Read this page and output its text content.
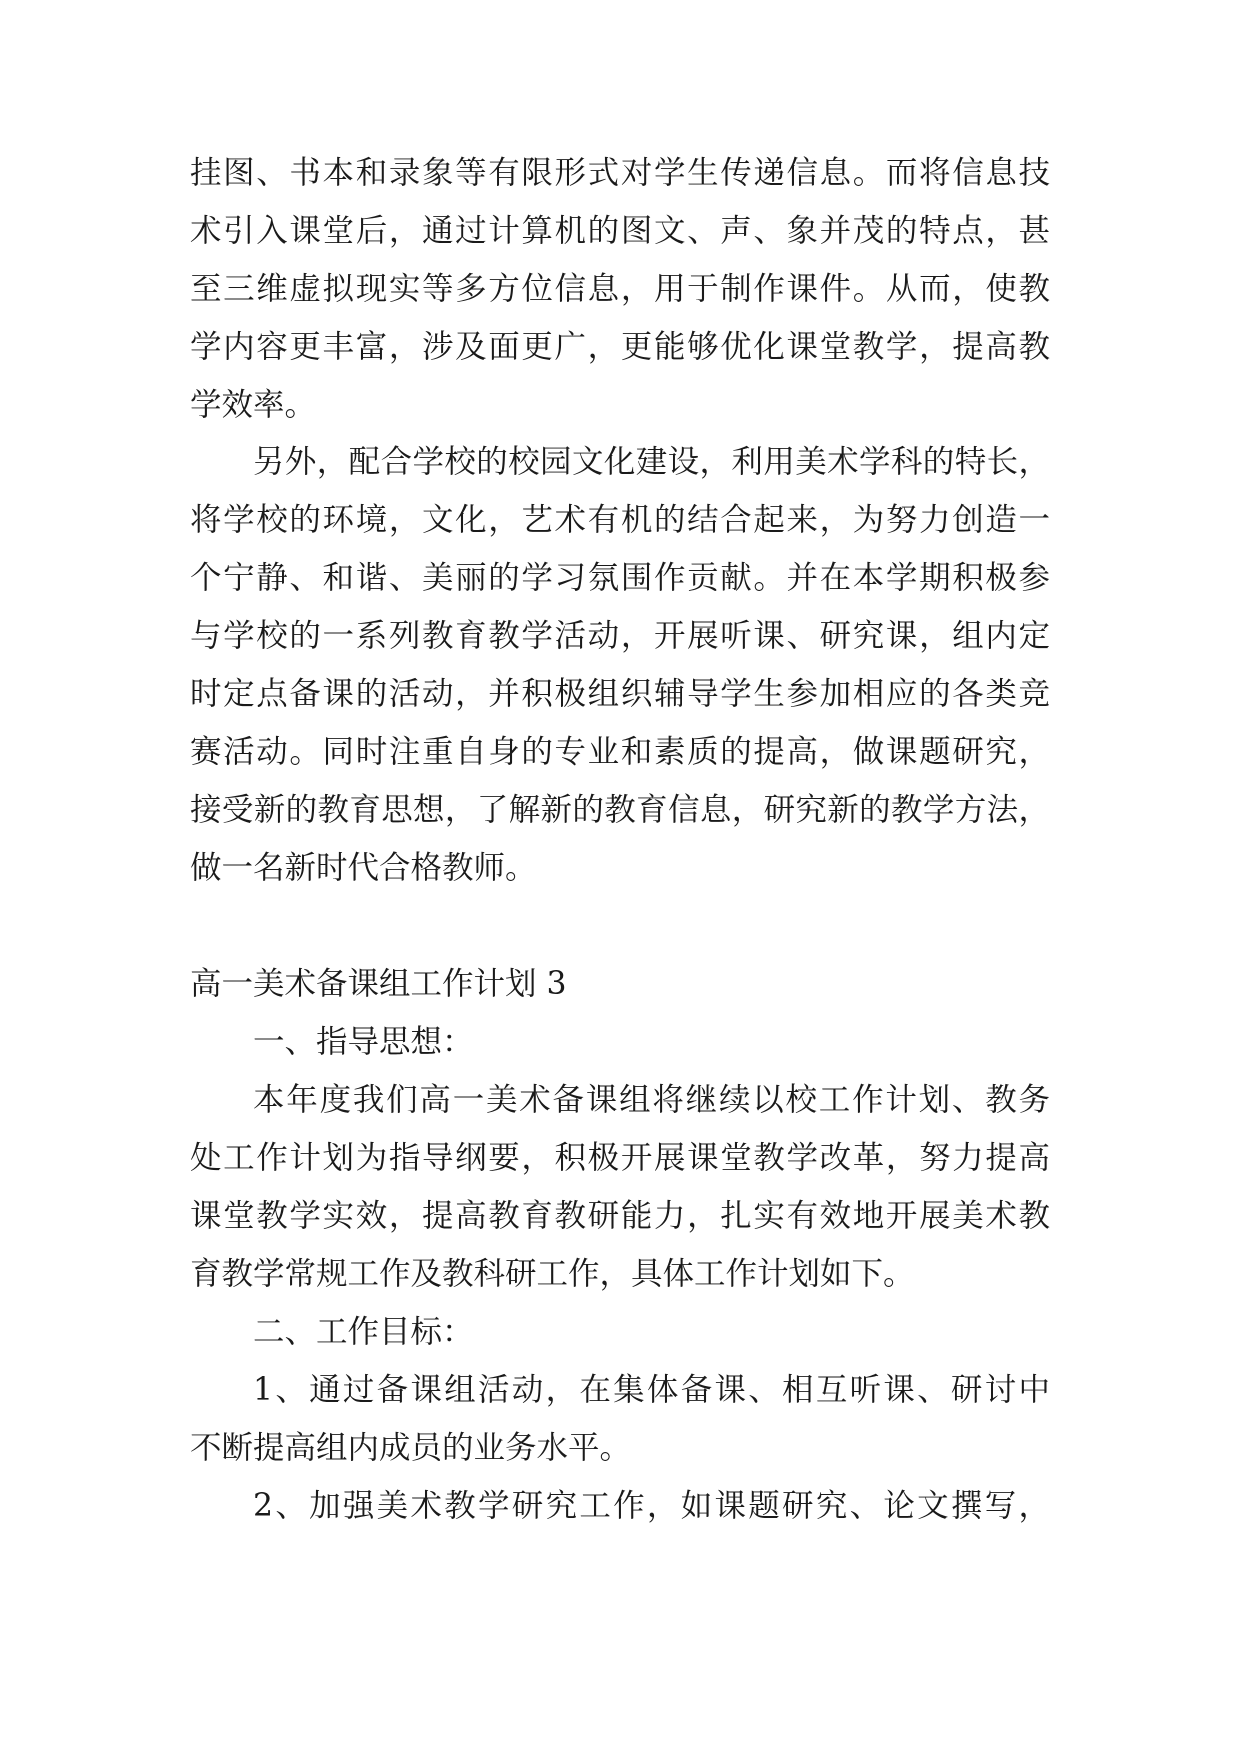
挂图、书本和录象等有限形式对学生传递信息。而将信息技
术引入课堂后，通过计算机的图文、声、象并茂的特点，甚
至三维虚拟现实等多方位信息，用于制作课件。从而，使教
学内容更丰富，涉及面更广，更能够优化课堂教学，提高教
学效率。
另外，配合学校的校园文化建设，利用美术学科的特长，
将学校的环境，文化，艺术有机的结合起来，为努力创造一
个宁静、和谐、美丽的学习氛围作贡献。并在本学期积极参
与学校的一系列教育教学活动，开展听课、研究课，组内定
时定点备课的活动，并积极组织辅导学生参加相应的各类竞
赛活动。同时注重自身的专业和素质的提高，做课题研究，
接受新的教育思想，了解新的教育信息，研究新的教学方法，
做一名新时代合格教师。
高一美术备课组工作计划 3
一、指导思想：
本年度我们高一美术备课组将继续以校工作计划、教务
处工作计划为指导纲要，积极开展课堂教学改革，努力提高
课堂教学实效，提高教育教研能力，扎实有效地开展美术教
育教学常规工作及教科研工作，具体工作计划如下。
二、工作目标：
1、通过备课组活动，在集体备课、相互听课、研讨中
不断提高组内成员的业务水平。
2、加强美术教学研究工作，如课题研究、论文撰写，
